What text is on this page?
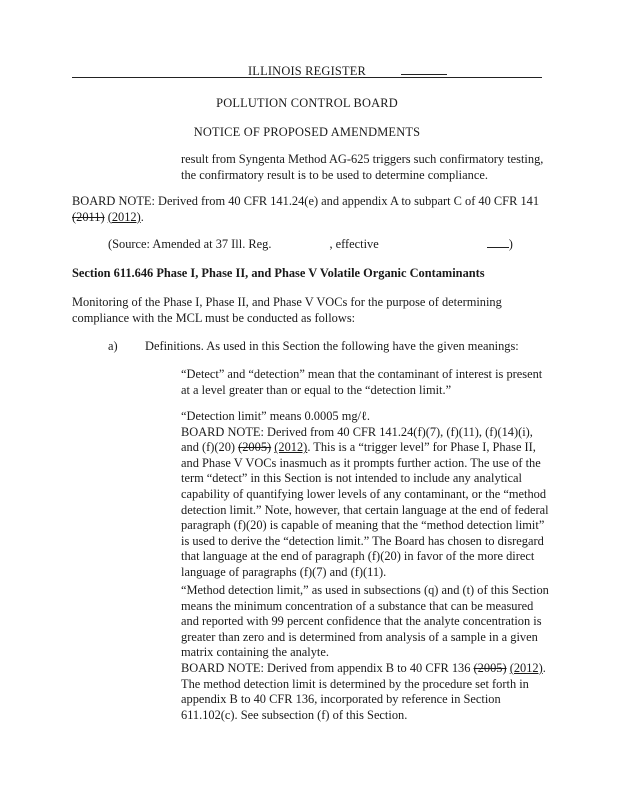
ILLINOIS REGISTER
POLLUTION CONTROL BOARD
NOTICE OF PROPOSED AMENDMENTS
result from Syngenta Method AG-625 triggers such confirmatory testing,
the confirmatory result is to be used to determine compliance.
BOARD NOTE: Derived from 40 CFR 141.24(e) and appendix A to subpart C of 40 CFR 141
(2011) (2012).
(Source: Amended at 37 Ill. Reg.	, effective	)
Section 611.646 Phase I, Phase II, and Phase V Volatile Organic Contaminants
Monitoring of the Phase I, Phase II, and Phase V VOCs for the purpose of determining
compliance with the MCL must be conducted as follows:
a) Definitions. As used in this Section the following have the given meanings:
“Detect” and “detection” mean that the contaminant of interest is present
at a level greater than or equal to the “detection limit.”
“Detection limit” means 0.0005 mg/ℓ.
BOARD NOTE: Derived from 40 CFR 141.24(f)(7), (f)(11), (f)(14)(i),
and (f)(20) (2005) (2012). This is a “trigger level” for Phase I, Phase II,
and Phase V VOCs inasmuch as it prompts further action. The use of the
term “detect” in this Section is not intended to include any analytical
capability of quantifying lower levels of any contaminant, or the “method
detection limit.” Note, however, that certain language at the end of federal
paragraph (f)(20) is capable of meaning that the “method detection limit”
is used to derive the “detection limit.” The Board has chosen to disregard
that language at the end of paragraph (f)(20) in favor of the more direct
language of paragraphs (f)(7) and (f)(11).
“Method detection limit,” as used in subsections (q) and (t) of this Section
means the minimum concentration of a substance that can be measured
and reported with 99 percent confidence that the analyte concentration is
greater than zero and is determined from analysis of a sample in a given
matrix containing the analyte.
BOARD NOTE: Derived from appendix B to 40 CFR 136 (2005) (2012).
The method detection limit is determined by the procedure set forth in
appendix B to 40 CFR 136, incorporated by reference in Section
611.102(c). See subsection (f) of this Section.
